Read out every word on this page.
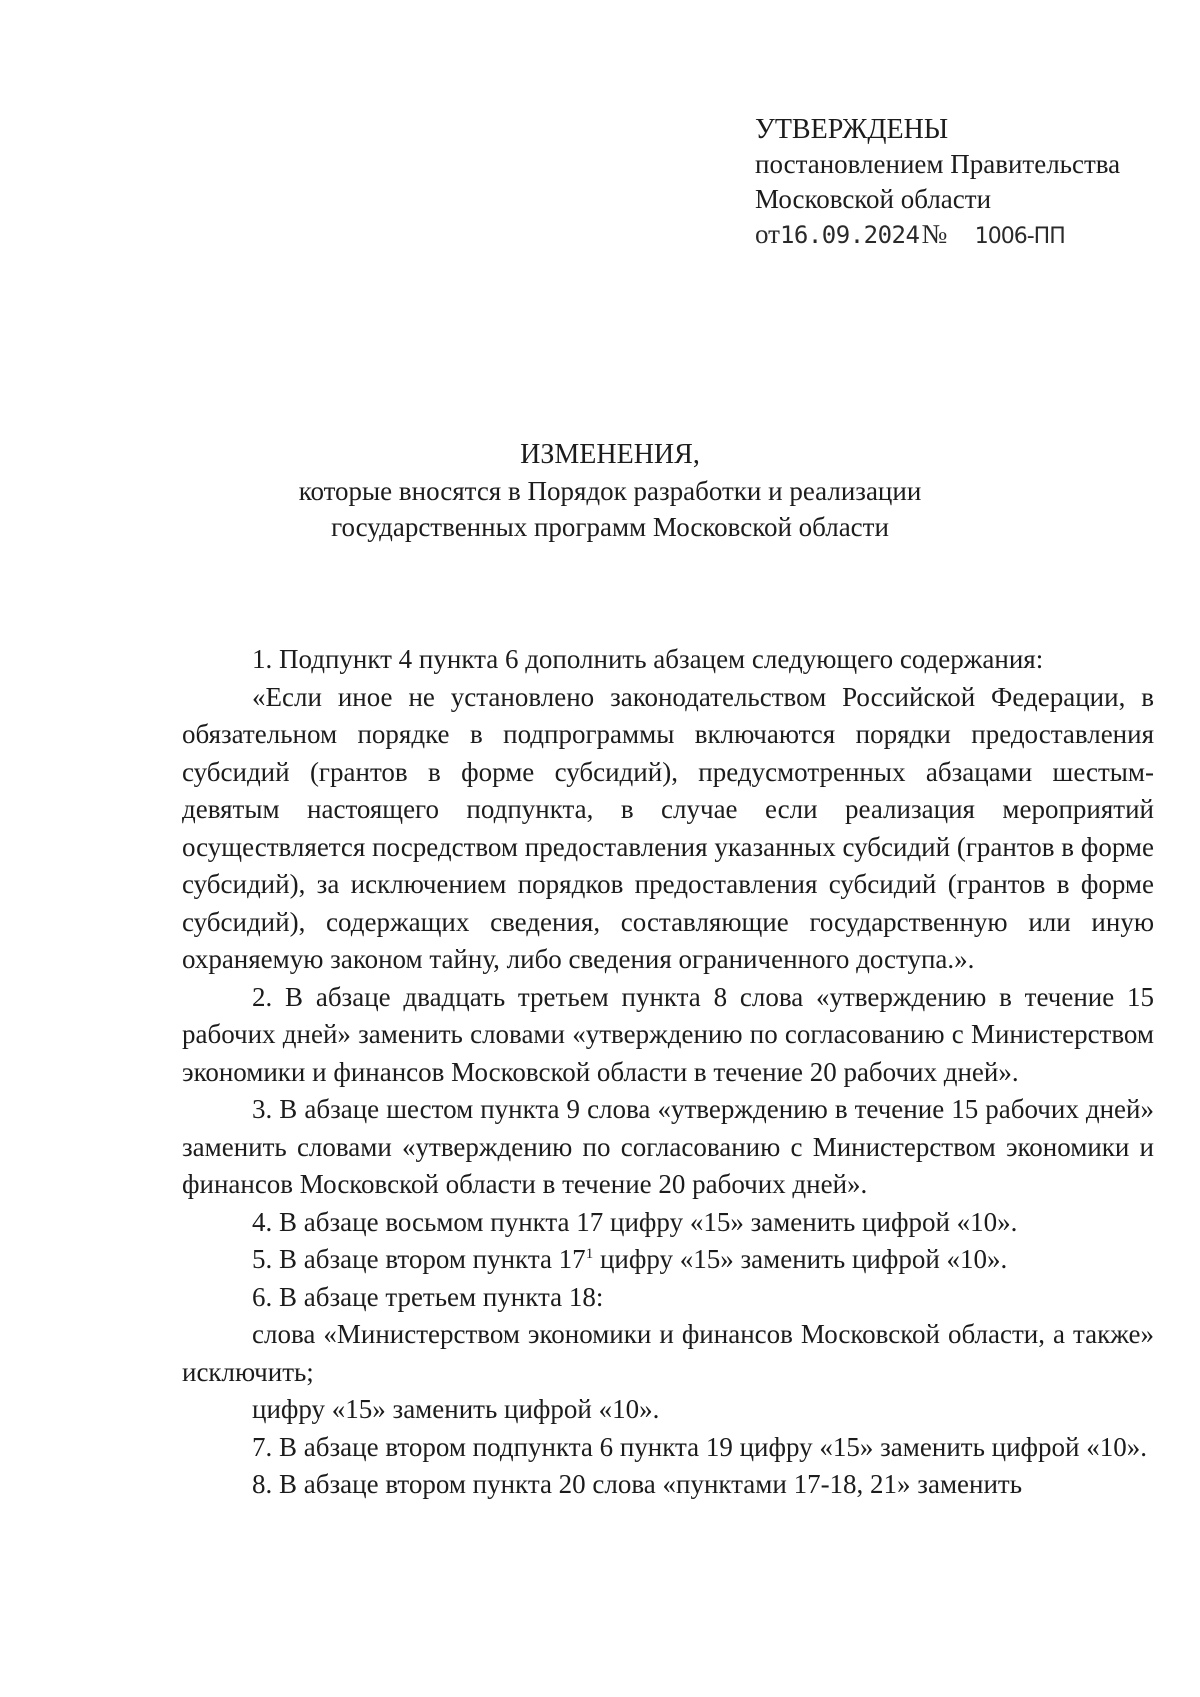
УТВЕРЖДЕНЫ
постановлением Правительства
Московской области
от16.09.2024№ 1006-ПП
ИЗМЕНЕНИЯ,
которые вносятся в Порядок разработки и реализации
государственных программ Московской области

1. Подпункт 4 пункта 6 дополнить абзацем следующего содержания:

«Если иное не установлено законодательством Российской Федерации, в обязательном порядке в подпрограммы включаются порядки предоставления субсидий (грантов в форме субсидий), предусмотренных абзацами шестым-девятым настоящего подпункта, в случае если реализация мероприятий осуществляется посредством предоставления указанных субсидий (грантов в форме субсидий), за исключением порядков предоставления субсидий (грантов в форме субсидий), содержащих сведения, составляющие государственную или иную охраняемую законом тайну, либо сведения ограниченного доступа.».

2. В абзаце двадцать третьем пункта 8 слова «утверждению в течение 15 рабочих дней» заменить словами «утверждению по согласованию с Министерством экономики и финансов Московской области в течение 20 рабочих дней».

3. В абзаце шестом пункта 9 слова «утверждению в течение 15 рабочих дней» заменить словами «утверждению по согласованию с Министерством экономики и финансов Московской области в течение 20 рабочих дней».

4. В абзаце восьмом пункта 17 цифру «15» заменить цифрой «10».

5. В абзаце втором пункта $17^1$ цифру «15» заменить цифрой «10».

6. В абзаце третьем пункта 18:

слова «Министерством экономики и финансов Московской области, а также» исключить;

цифру «15» заменить цифрой «10».

7. В абзаце втором подпункта 6 пункта 19 цифру «15» заменить цифрой «10».

8. В абзаце втором пункта 20 слова «пунктами 17-18, 21» заменить
